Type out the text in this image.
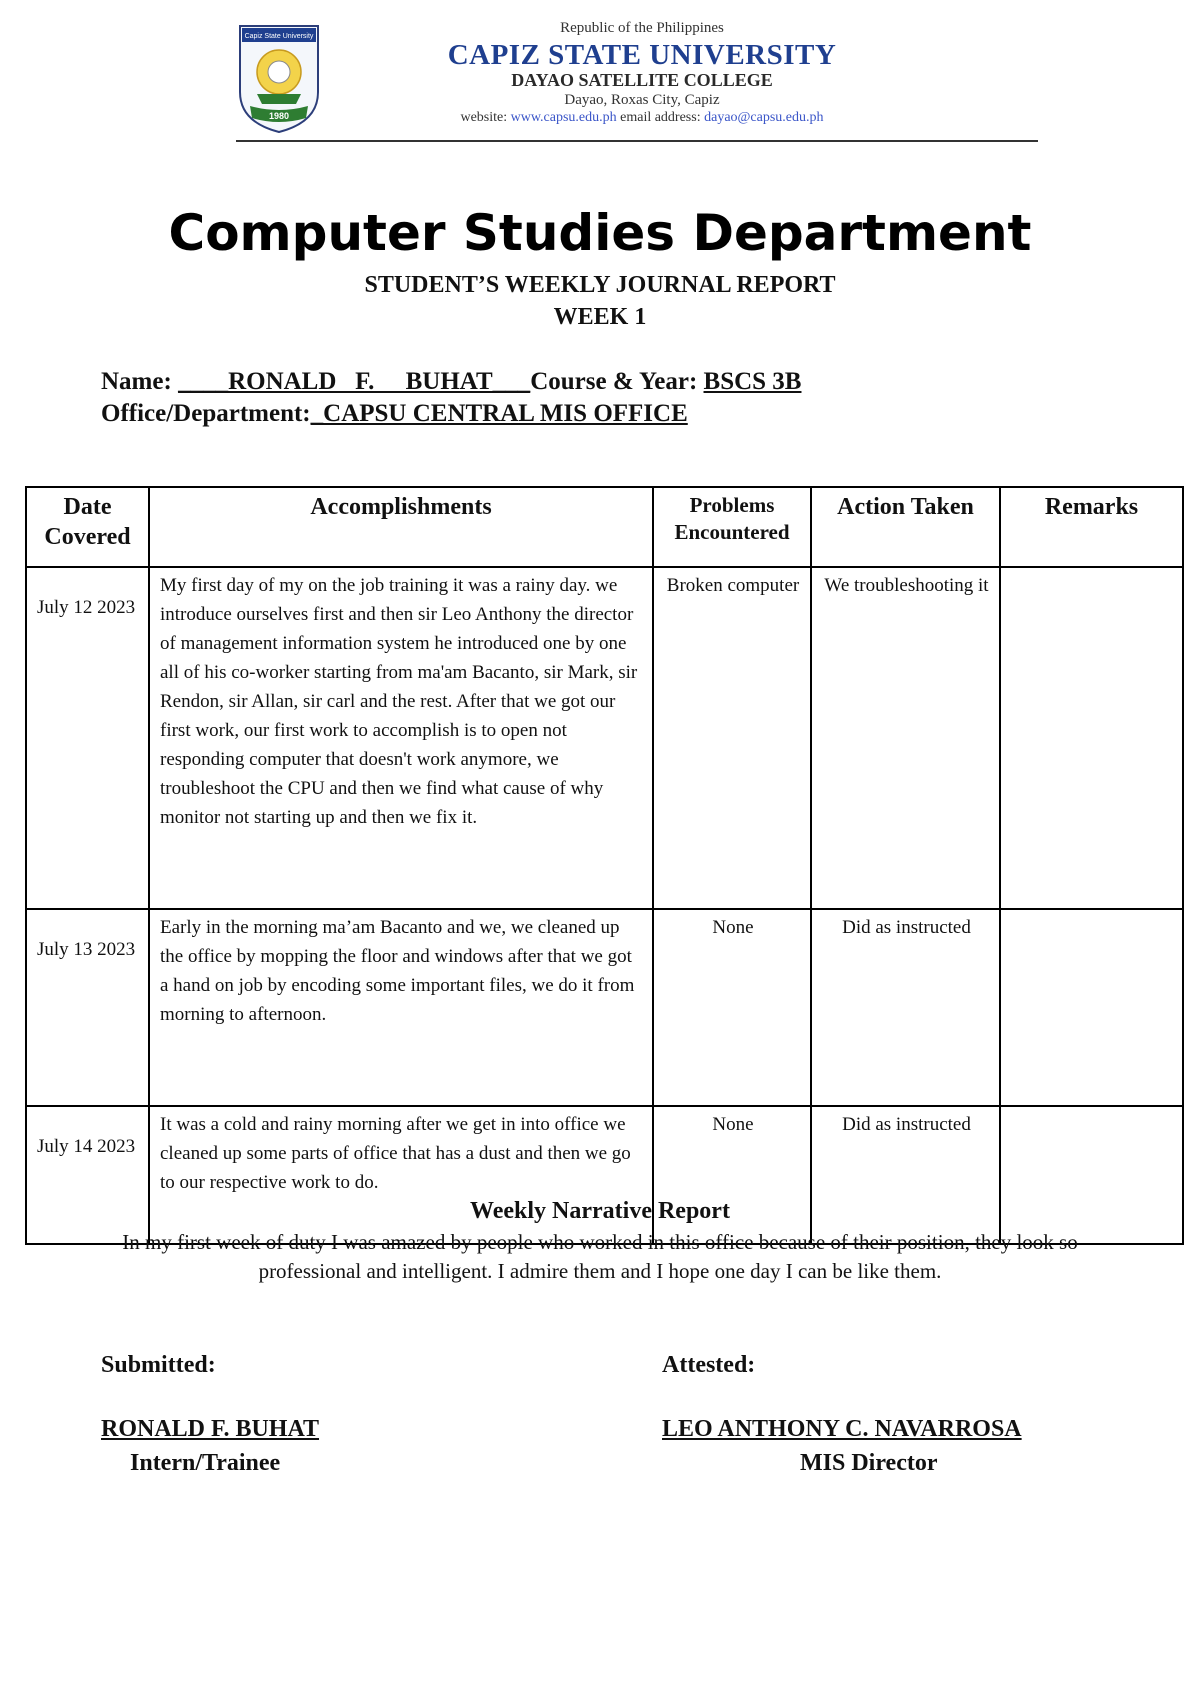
Capiz State University
1980
Republic of the Philippines
CAPIZ STATE UNIVERSITY
DAYAO SATELLITE COLLEGE
Dayao, Roxas City, Capiz
website: www.capsu.edu.ph email address: dayao@capsu.edu.ph
Computer Studies Department
STUDENT’S WEEKLY JOURNAL REPORT
WEEK 1
Name: ____RONALD   F.     BUHAT___Course & Year: BSCS 3B
Office/Department:_CAPSU CENTRAL MIS OFFICE
Date Covered	Accomplishments	Problems Encountered	Action Taken	Remarks
July 12 2023	My first day of my on the job training it was a rainy day. we introduce ourselves first and then sir Leo Anthony the director of management information system he introduced one by one all of his co-worker starting from ma'am Bacanto, sir Mark, sir Rendon, sir Allan, sir carl and the rest. After that we got our first work, our first work to accomplish is to open not responding computer that doesn't work anymore, we troubleshoot the CPU and then we find what cause of why monitor not starting up and then we fix it.	Broken computer	We troubleshooting it	
July 13 2023	Early in the morning ma’am Bacanto and we, we cleaned up the office by mopping the floor and windows after that we got a hand on job by encoding some important files, we do it from morning to afternoon.	None	Did as instructed	
July 14 2023	It was a cold and rainy morning after we get in into office we cleaned up some parts of office that has a dust and then we go to our respective work to do.	None	Did as instructed	
Weekly Narrative Report
In my first week of duty I was amazed by people who worked in this office because of their position, they look so professional and intelligent. I admire them and I hope one day I can be like them.
Submitted:
RONALD F. BUHAT
Intern/Trainee
Attested:
LEO ANTHONY C. NAVARROSA
MIS Director
